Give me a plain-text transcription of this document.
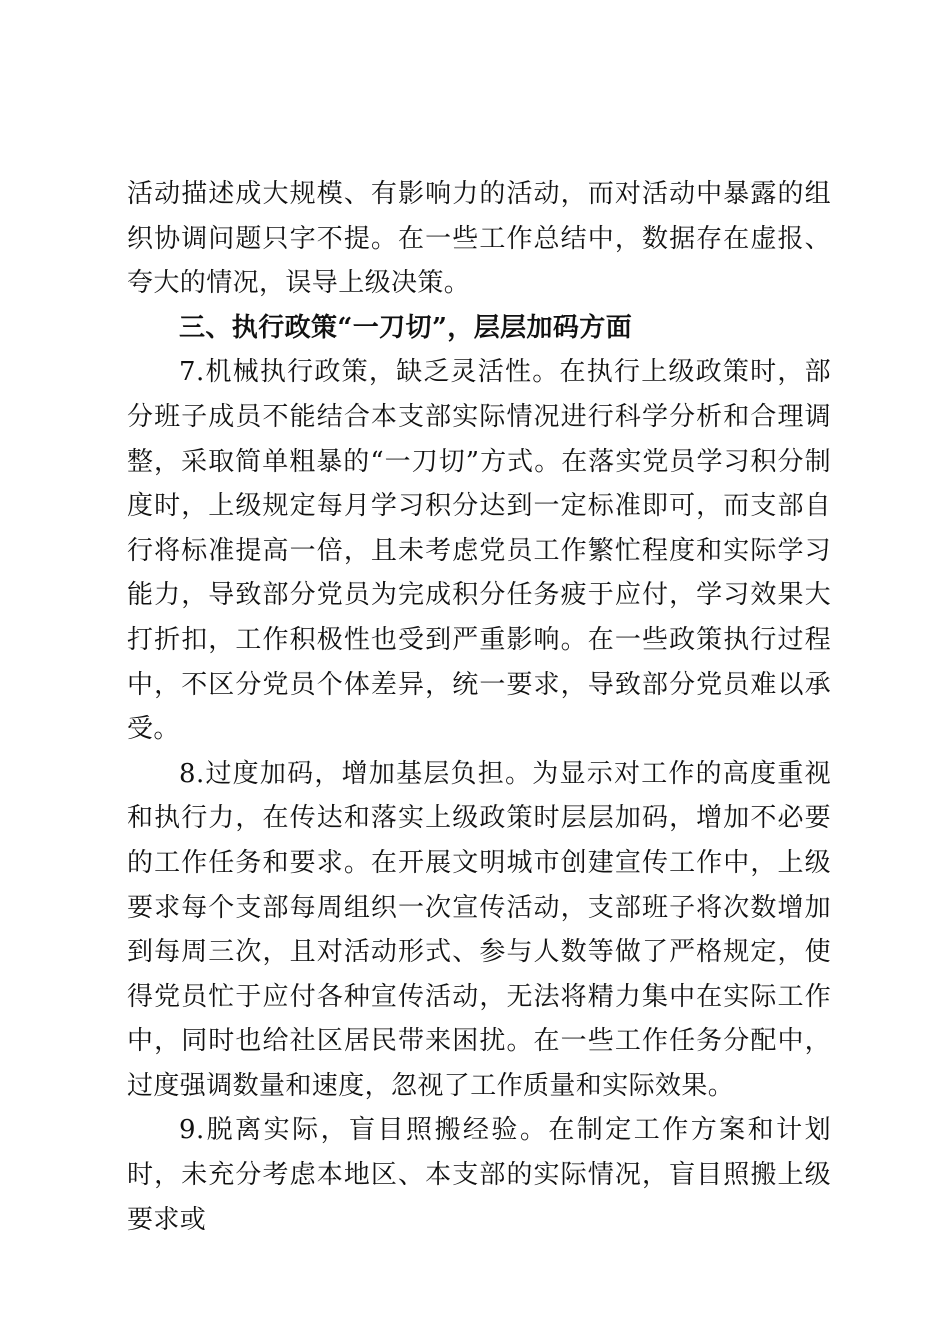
活动描述成大规模、有影响力的活动，而对活动中暴露的组织协调问题只字不提。在一些工作总结中，数据存在虚报、夸大的情况，误导上级决策。

三、执行政策“一刀切”，层层加码方面

7.机械执行政策，缺乏灵活性。在执行上级政策时，部分班子成员不能结合本支部实际情况进行科学分析和合理调整，采取简单粗暴的“一刀切”方式。在落实党员学习积分制度时，上级规定每月学习积分达到一定标准即可，而支部自行将标准提高一倍，且未考虑党员工作繁忙程度和实际学习能力，导致部分党员为完成积分任务疲于应付，学习效果大打折扣，工作积极性也受到严重影响。在一些政策执行过程中，不区分党员个体差异，统一要求，导致部分党员难以承受。

8.过度加码，增加基层负担。为显示对工作的高度重视和执行力，在传达和落实上级政策时层层加码，增加不必要的工作任务和要求。在开展文明城市创建宣传工作中，上级要求每个支部每周组织一次宣传活动，支部班子将次数增加到每周三次，且对活动形式、参与人数等做了严格规定，使得党员忙于应付各种宣传活动，无法将精力集中在实际工作中，同时也给社区居民带来困扰。在一些工作任务分配中，过度强调数量和速度，忽视了工作质量和实际效果。

9.脱离实际，盲目照搬经验。在制定工作方案和计划时，未充分考虑本地区、本支部的实际情况，盲目照搬上级要求或
